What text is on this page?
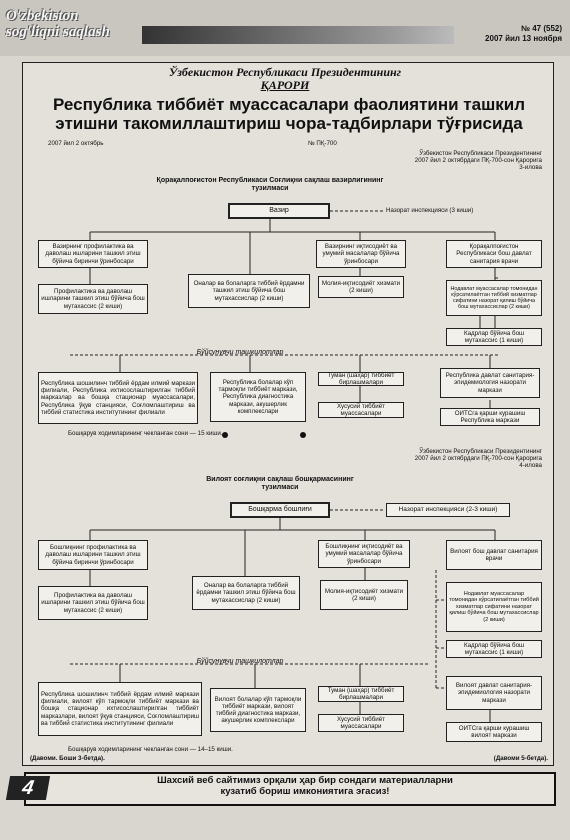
O'zbekiston
sog'liqni saqlash	№ 47 (552)
2007 йил 13 ноября
Ўзбекистон Республикаси Президентининг
ҚАРОРИ
Республика тиббиёт муассасалари фаолиятини ташкил
этишни такомиллаштириш чора-тадбирлари тўғрисида
2007 йил 2 октябрь	№ ПҚ-700
Ўзбекистон Республикаси Президентининг
2007 йил 2 октябрдаги ПҚ-700-сон Қарорига
3-илова
Қорақалпоғистон Республикаси Соғлиқни сақлаш вазирлигининг
тузилмаси
Вазир	Назорат инспекцияси (3 киши)
Вазирнинг профилактика ва даволаш ишларини ташкил этиш бўйича биринчи ўринбосари
Профилактика ва даволаш ишларини ташкил этиш бўйича бош мутахассис (2 киши)
Оналар ва болаларга тиббий ёрдамни ташкил этиш бўйича бош мутахассислар (2 киши)
Вазирнинг иқтисодиёт ва умумий масалалар бўйича ўринбосари
Молия-иқтисодиёт хизмати (2 киши)
Қорақалпоғистон Республикаси бош давлат санитария врачи
Нодавлат муассасалар томонидан кўрсатилаётган тиббий хизматлар сифатини назорат қилиш бўйича бош мутахассислар (2 киши)
Кадрлар бўйича бош мутахассис (1 киши)
Бўйсунувчи ташкилотлар
Республика шошилинч тиббий ёрдам илмий маркази филиали, Республика ихтисослаштирилган тиббий марказлар ва бошқа стационар муассасалари, Республика ўқув станцияси, Соғломлаштириш ва тиббий статистика институтининг филиали
Республика болалар кўп тармоқли тиббиёт маркази, Республика диагностика маркази, акушерлик комплекслари
Туман (шаҳар) тиббиёт бирлашмалари
Хусусий тиббиёт муассасалари
Республика давлат санитария-эпидемиология назорати маркази
ОИТСга қарши курашиш Республика маркази
Бошқарув ходимларининг чекланган сони — 15 киши.
Ўзбекистон Республикаси Президентининг
2007 йил 2 октябрдаги ПҚ-700-сон Қарорига
4-илова
Вилоят соғлиқни сақлаш бошқармасининг
тузилмаси
Бошқарма бошлиғи	Назорат инспекцияси (2-3 киши)
Бошлиқнинг профилактика ва даволаш ишларини ташкил этиш бўйича биринчи ўринбосари
Профилактика ва даволаш ишларини ташкил этиш бўйича бош мутахассис (2 киши)
Оналар ва болаларга тиббий ёрдамни ташкил этиш бўйича бош мутахассислар (2 киши)
Бошлиқнинг иқтисодиёт ва умумий масалалар бўйича ўринбосари
Молия-иқтисодиёт хизмати (2 киши)
Вилоят бош давлат санитария врачи
Нодавлат муассасалар томонидан кўрсатилаётган тиббий хизматлар сифатини назорат қилиш бўйича бош мутахассислар (2 киши)
Кадрлар бўйича бош мутахассис (1 киши)
Бўйсунувчи ташкилотлар
Республика шошилинч тиббий ёрдам илмий маркази филиали, вилоят кўп тармоқли тиббиёт маркази ва бошқа стационар ихтисослаштирилган тиббиёт марказлари, вилоят ўқув станцияси, Соғломлаштириш ва тиббий статистика институтининг филиали
Вилоят болалар кўп тармоқли тиббиёт маркази, вилоят тиббий диагностика маркази, акушерлик комплекслари
Туман (шаҳар) тиббиёт бирлашмалари
Хусусий тиббиёт муассасалари
Вилоят давлат санитария-эпидемиология назорати маркази
ОИТСга қарши курашиш вилоят маркази
Бошқарув ходимларининг чекланган сони — 14–15 киши.
(Давоми. Боши 3-бетда).	(Давоми 5-бетда).
4	Шахсий веб сайтимиз орқали ҳар бир сондаги материалларни
кузатиб бориш имкониятига эгасиз!
